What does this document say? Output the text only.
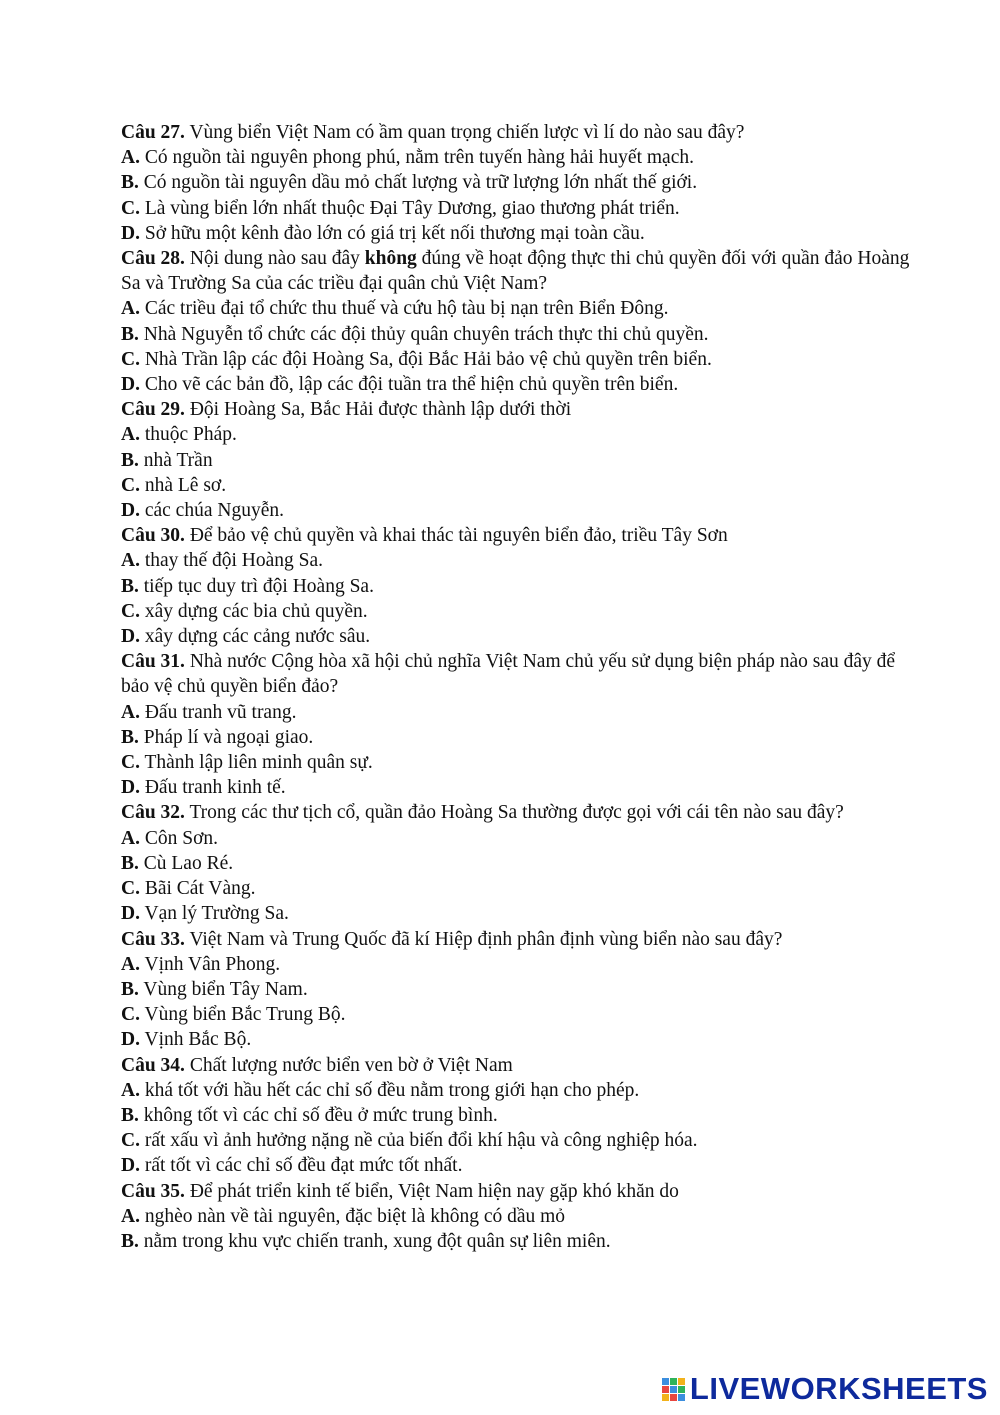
Câu 27. Vùng biển Việt Nam có ầm quan trọng chiến lược vì lí do nào sau đây?

A. Có nguồn tài nguyên phong phú, nằm trên tuyến hàng hải huyết mạch.

B. Có nguồn tài nguyên dầu mỏ chất lượng và trữ lượng lớn nhất thế giới.

C. Là vùng biển lớn nhất thuộc Đại Tây Dương, giao thương phát triển.

D. Sở hữu một kênh đào lớn có giá trị kết nối thương mại toàn cầu.

Câu 28. Nội dung nào sau đây không đúng về hoạt động thực thi chủ quyền đối với quần đảo Hoàng Sa và Trường Sa của các triều đại quân chủ Việt Nam?

A. Các triều đại tổ chức thu thuế và cứu hộ tàu bị nạn trên Biển Đông.

B. Nhà Nguyễn tổ chức các đội thủy quân chuyên trách thực thi chủ quyền.

C. Nhà Trần lập các đội Hoàng Sa, đội Bắc Hải bảo vệ chủ quyền trên biển.

D. Cho vẽ các bản đồ, lập các đội tuần tra thể hiện chủ quyền trên biển.

Câu 29. Đội Hoàng Sa, Bắc Hải được thành lập dưới thời

A. thuộc Pháp.

B. nhà Trần

C. nhà Lê sơ.

D. các chúa Nguyễn.

Câu 30. Để bảo vệ chủ quyền và khai thác tài nguyên biển đảo, triều Tây Sơn

A. thay thế đội Hoàng Sa.

B. tiếp tục duy trì đội Hoàng Sa.

C. xây dựng các bia chủ quyền.

D. xây dựng các cảng nước sâu.

Câu 31. Nhà nước Cộng hòa xã hội chủ nghĩa Việt Nam chủ yếu sử dụng biện pháp nào sau đây để bảo vệ chủ quyền biển đảo?

A. Đấu tranh vũ trang.

B. Pháp lí và ngoại giao.

C. Thành lập liên minh quân sự.

D. Đấu tranh kinh tế.

Câu 32. Trong các thư tịch cổ, quần đảo Hoàng Sa thường được gọi với cái tên nào sau đây?

A. Côn Sơn.

B. Cù Lao Ré.

C. Bãi Cát Vàng.

D. Vạn lý Trường Sa.

Câu 33. Việt Nam và Trung Quốc đã kí Hiệp định phân định vùng biển nào sau đây?

A. Vịnh Vân Phong.

B. Vùng biển Tây Nam.

C. Vùng biển Bắc Trung Bộ.

D. Vịnh Bắc Bộ.

Câu 34. Chất lượng nước biển ven bờ ở Việt Nam

A. khá tốt với hầu hết các chỉ số đều nằm trong giới hạn cho phép.

B. không tốt vì các chỉ số đều ở mức trung bình.

C. rất xấu vì ảnh hưởng nặng nề của biến đổi khí hậu và công nghiệp hóa.

D. rất tốt vì các chỉ số đều đạt mức tốt nhất.

Câu 35. Để phát triển kinh tế biển, Việt Nam hiện nay gặp khó khăn do

A. nghèo nàn về tài nguyên, đặc biệt là không có dầu mỏ

B. nằm trong khu vực chiến tranh, xung đột quân sự liên miên.

LIVEWORKSHEETS
